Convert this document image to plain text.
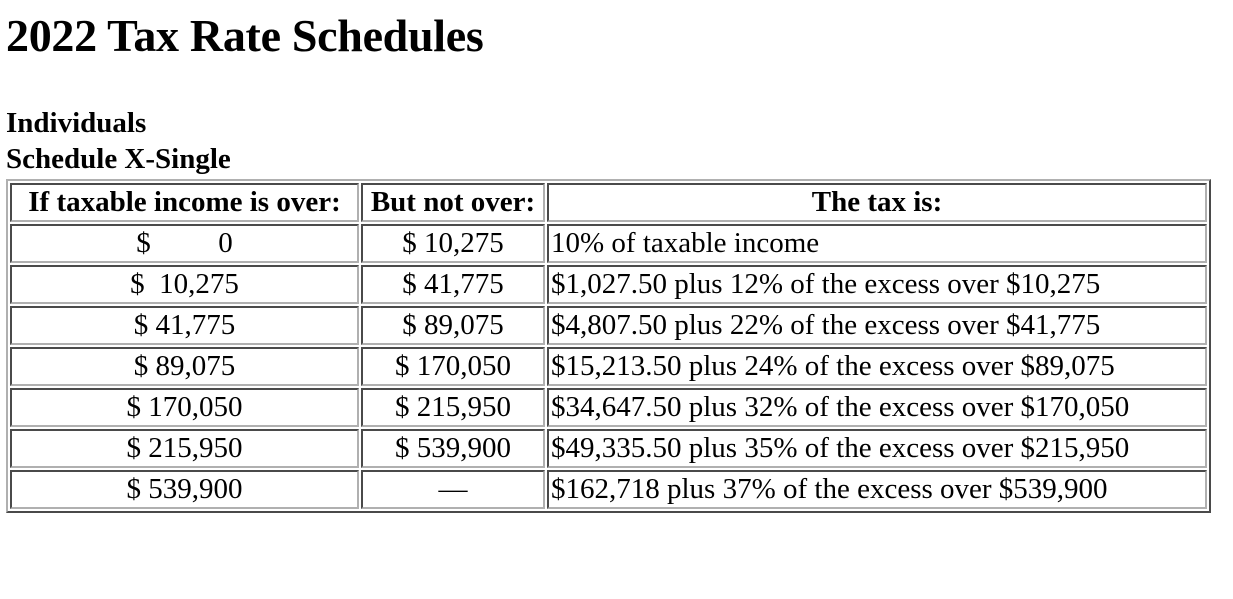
2022 Tax Rate Schedules
Individuals
Schedule X-Single
If taxable income is over:	But not over:	The tax is:
$ 0	$ 10,275	10% of taxable income
$ 10,275	$ 41,775	$1,027.50 plus 12% of the excess over $10,275
$ 41,775	$ 89,075	$4,807.50 plus 22% of the excess over $41,775
$ 89,075	$ 170,050	$15,213.50 plus 24% of the excess over $89,075
$ 170,050	$ 215,950	$34,647.50 plus 32% of the excess over $170,050
$ 215,950	$ 539,900	$49,335.50 plus 35% of the excess over $215,950
$ 539,900	—	$162,718 plus 37% of the excess over $539,900
